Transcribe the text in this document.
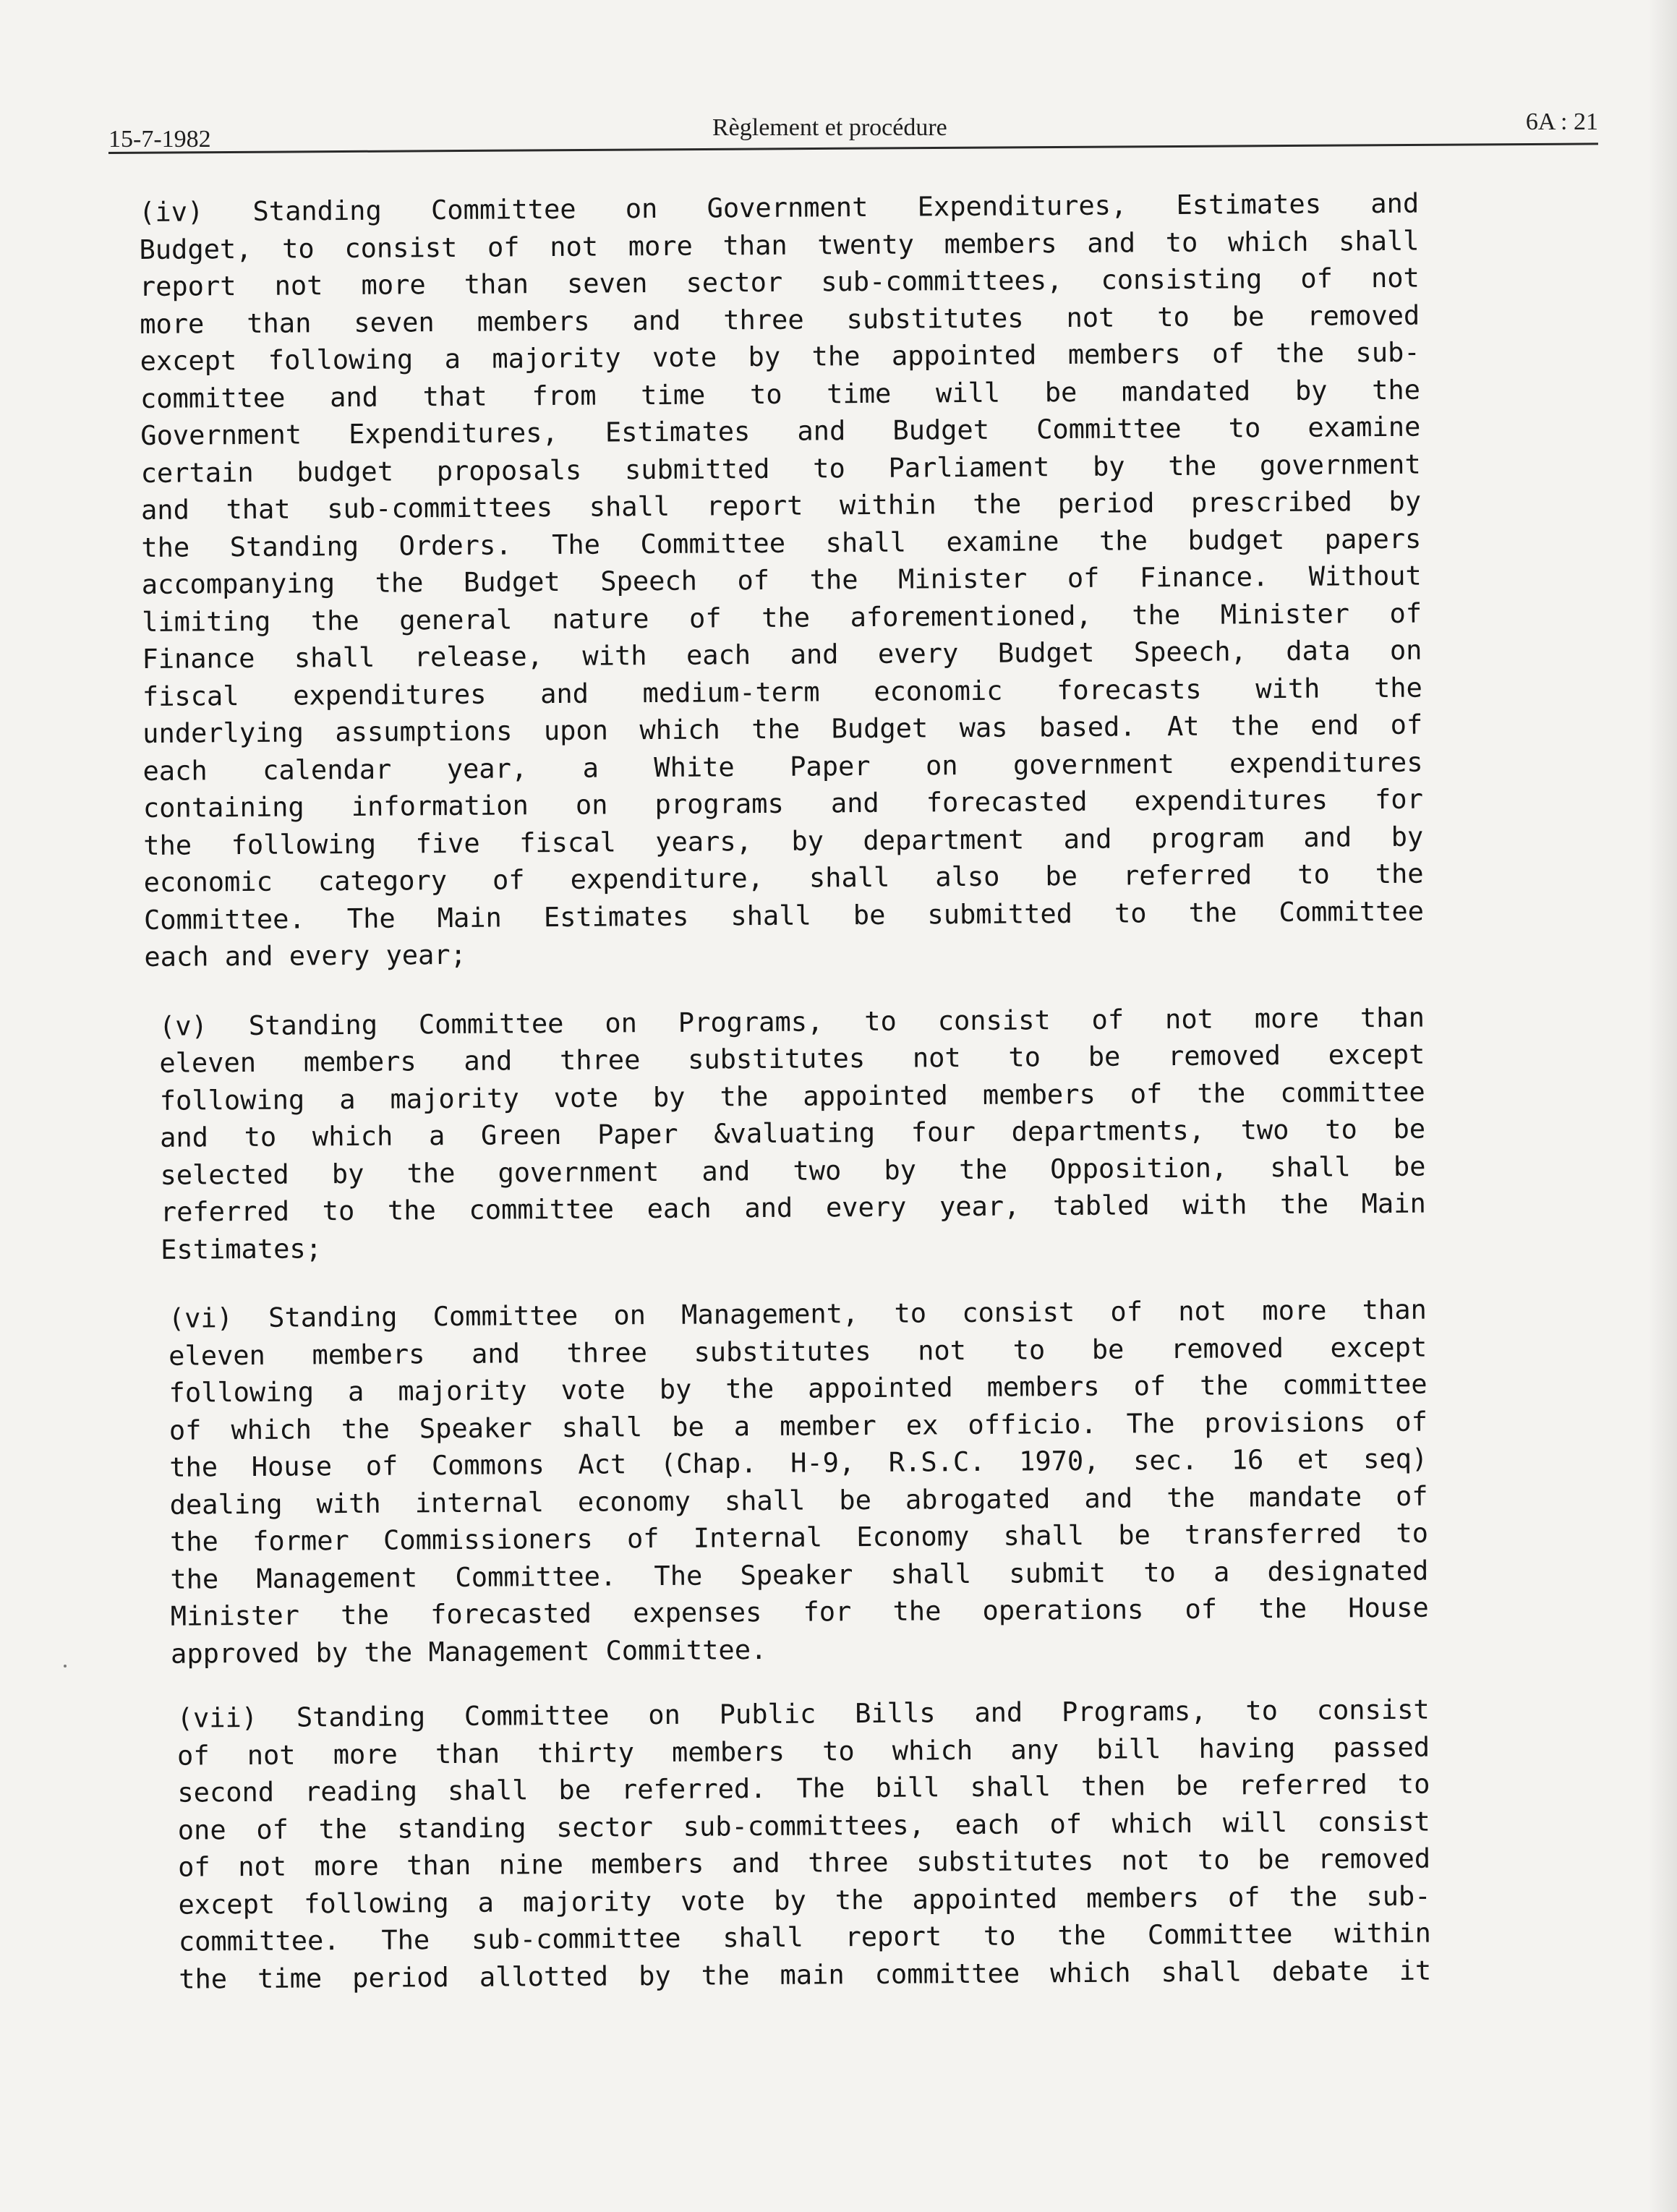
15-7-1982	Règlement et procédure	6A : 21
(iv) Standing Committee on Government Expenditures, Estimates and
Budget, to consist of not more than twenty members and to which shall
report not more than seven sector sub-committees, consisting of not
more than seven members and three substitutes not to be removed
except following a majority vote by the appointed members of the sub-
committee and that from time to time will be mandated by the
Government Expenditures, Estimates and Budget Committee to examine
certain budget proposals submitted to Parliament by the government
and that sub-committees shall report within the period prescribed by
the Standing Orders. The Committee shall examine the budget papers
accompanying the Budget Speech of the Minister of Finance. Without
limiting the general nature of the aforementioned, the Minister of
Finance shall release, with each and every Budget Speech, data on
fiscal expenditures and medium-term economic forecasts with the
underlying assumptions upon which the Budget was based. At the end of
each calendar year, a White Paper on government expenditures
containing information on programs and forecasted expenditures for
the following five fiscal years, by department and program and by
economic category of expenditure, shall also be referred to the
Committee. The Main Estimates shall be submitted to the Committee
each and every year;
(v) Standing Committee on Programs, to consist of not more than
eleven members and three substitutes not to be removed except
following a majority vote by the appointed members of the committee
and to which a Green Paper &valuating four departments, two to be
selected by the government and two by the Opposition, shall be
referred to the committee each and every year, tabled with the Main
Estimates;
(vi) Standing Committee on Management, to consist of not more than
eleven members and three substitutes not to be removed except
following a majority vote by the appointed members of the committee
of which the Speaker shall be a member ex officio. The provisions of
the House of Commons Act (Chap. H-9, R.S.C. 1970, sec. 16 et seq)
dealing with internal economy shall be abrogated and the mandate of
the former Commissioners of Internal Economy shall be transferred to
the Management Committee. The Speaker shall submit to a designated
Minister the forecasted expenses for the operations of the House
approved by the Management Committee.
(vii) Standing Committee on Public Bills and Programs, to consist
of not more than thirty members to which any bill having passed
second reading shall be referred. The bill shall then be referred to
one of the standing sector sub-committees, each of which will consist
of not more than nine members and three substitutes not to be removed
except following a majority vote by the appointed members of the sub-
committee. The sub-committee shall report to the Committee within
the time period allotted by the main committee which shall debate it
